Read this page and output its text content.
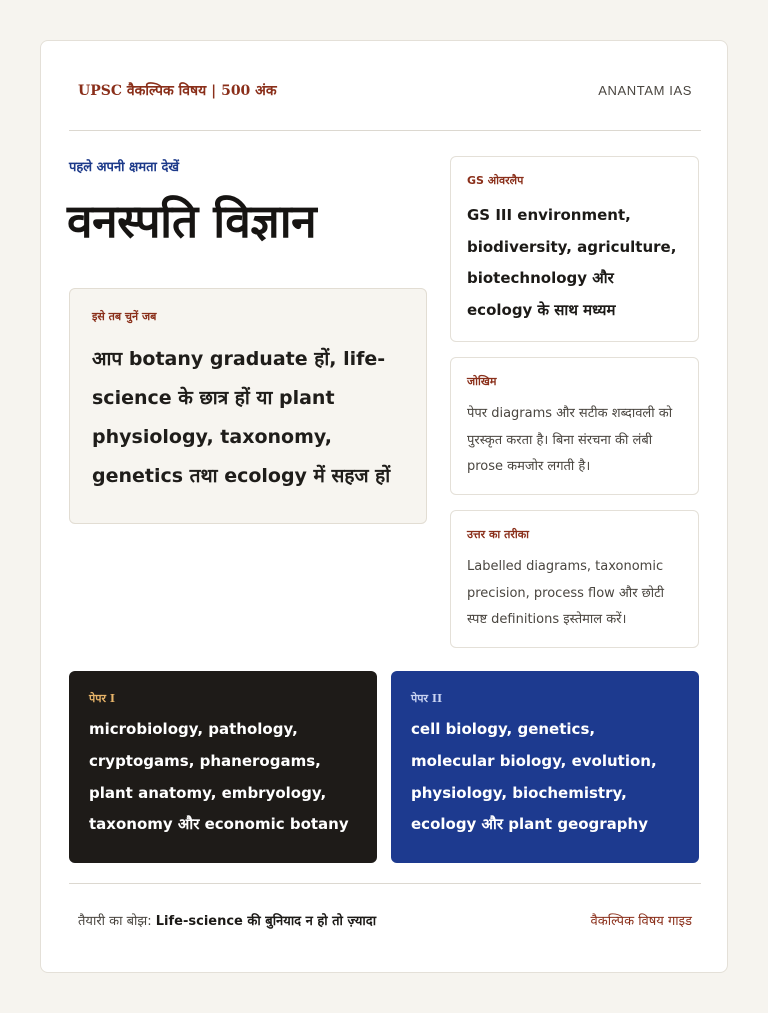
UPSC वैकल्पिक विषय | 500 अंक	ANANTAM IAS
पहले अपनी क्षमता देखें
वनस्पति विज्ञान
इसे तब चुनें जब
आप botany graduate हों, life-science के छात्र हों या plant physiology, taxonomy, genetics तथा ecology में सहज हों
GS ओवरलैप
GS III environment, biodiversity, agriculture, biotechnology और ecology के साथ मध्यम
जोखिम
पेपर diagrams और सटीक शब्दावली को पुरस्कृत करता है। बिना संरचना की लंबी prose कमजोर लगती है।
उत्तर का तरीका
Labelled diagrams, taxonomic precision, process flow और छोटी स्पष्ट definitions इस्तेमाल करें।
पेपर I
microbiology, pathology, cryptogams, phanerogams, plant anatomy, embryology, taxonomy और economic botany
पेपर II
cell biology, genetics, molecular biology, evolution, physiology, biochemistry, ecology और plant geography
तैयारी का बोझ: Life-science की बुनियाद न हो तो ज़्यादा	वैकल्पिक विषय गाइड
